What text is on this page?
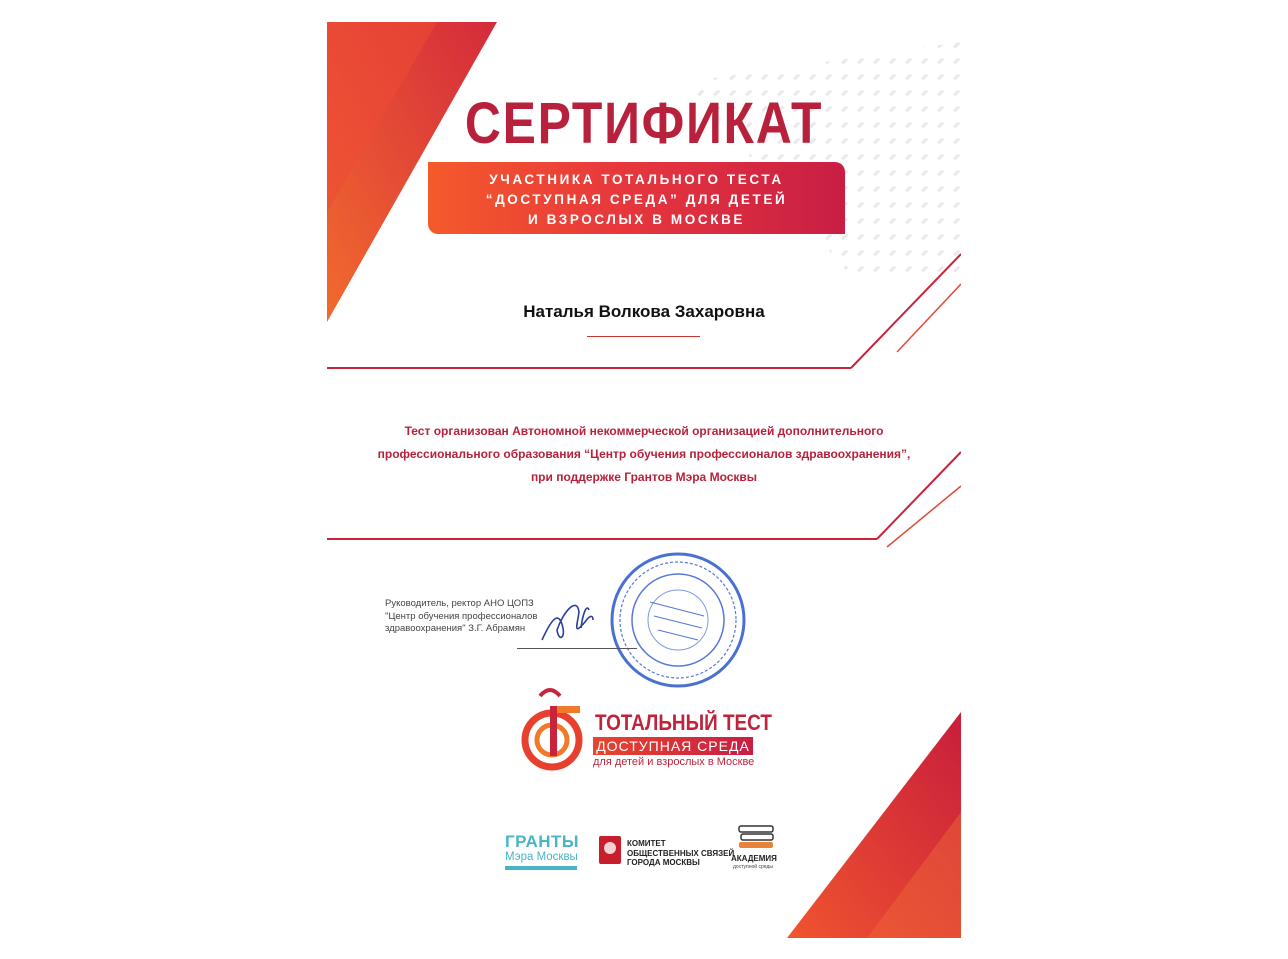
СЕРТИФИКАТ
УЧАСТНИКА ТОТАЛЬНОГО ТЕСТА
“ДОСТУПНАЯ СРЕДА” ДЛЯ ДЕТЕЙ
И ВЗРОСЛЫХ В МОСКВЕ
Наталья Волкова Захаровна
Тест организован Автономной некоммерческой организацией дополнительного
профессионального образования “Центр обучения профессионалов здравоохранения”,
при поддержке Грантов Мэра Москвы
Руководитель, ректор АНО ЦОПЗ
"Центр обучения профессионалов
здравоохранения" З.Г. Абрамян
ТОТАЛЬНЫЙ ТЕСТ
ДОСТУПНАЯ СРЕДА
для детей и взрослых в Москве
ГРАНТЫ
Мэра Москвы
КОМИТЕТ
ОБЩЕСТВЕННЫХ СВЯЗЕЙ
ГОРОДА МОСКВЫ	АКАДЕМИЯ
доступной среды
